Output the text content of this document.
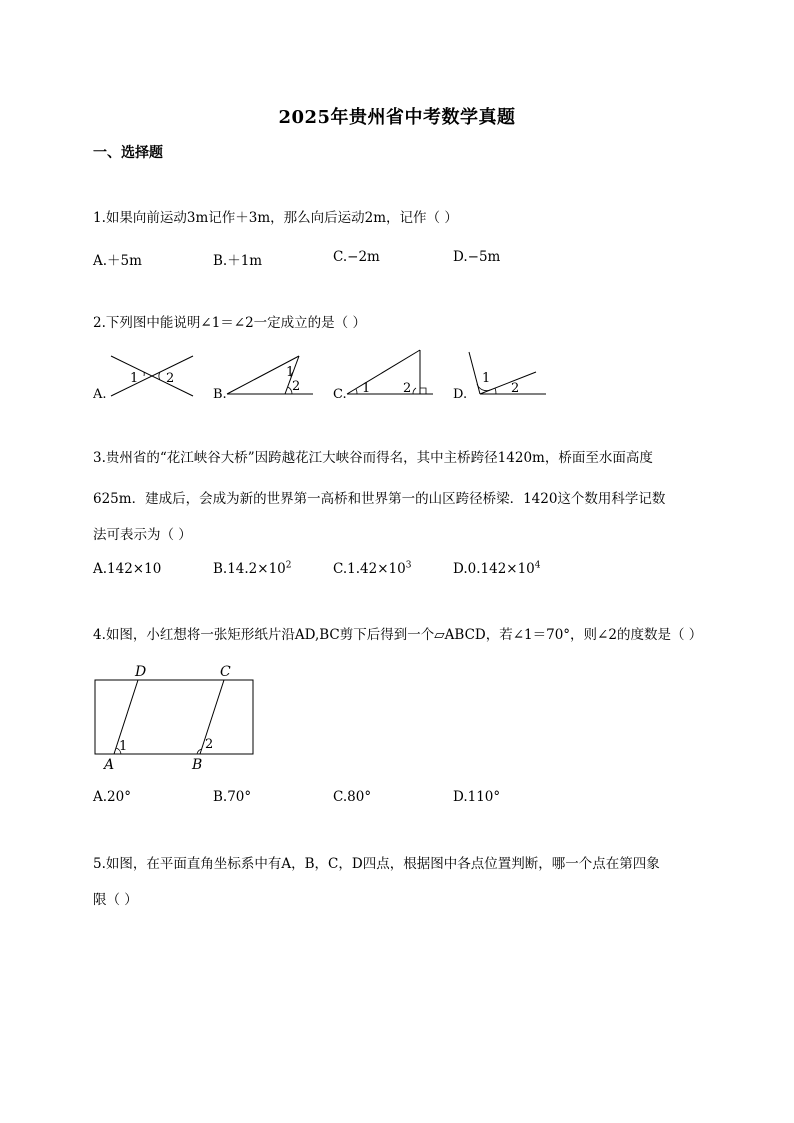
2025年贵州省中考数学真题
一、选择题
1.如果向前运动3m记作＋3m，那么向后运动2m，记作（ ）
A.＋5m	B.＋1m	C.−2m	D.−5m
2.下列图中能说明∠1＝∠2一定成立的是（ ）
A.
1 2
B.
1
2
C. 1	2	D.
1
2
3.贵州省的“花江峡谷大桥”因跨越花江大峡谷而得名，其中主桥跨径1420m，桥面至水面高度
625m．建成后，会成为新的世界第一高桥和世界第一的山区跨径桥梁．1420这个数用科学记数
法可表示为（ ）
A.142×10	$B.14.2\times 10^2$	$C.1.42\times 10^3$	$D.0.142\times 10^4$
4.如图，小红想将一张矩形纸片沿AD,BC剪下后得到一个▱ABCD，若∠1＝70°，则∠2的度数是（ ）
1	2
D	C
A	B
A.20°	B.70°	C.80°	D.110°
5.如图，在平面直角坐标系中有A，B，C，D四点，根据图中各点位置判断，哪一个点在第四象
限（ ）
